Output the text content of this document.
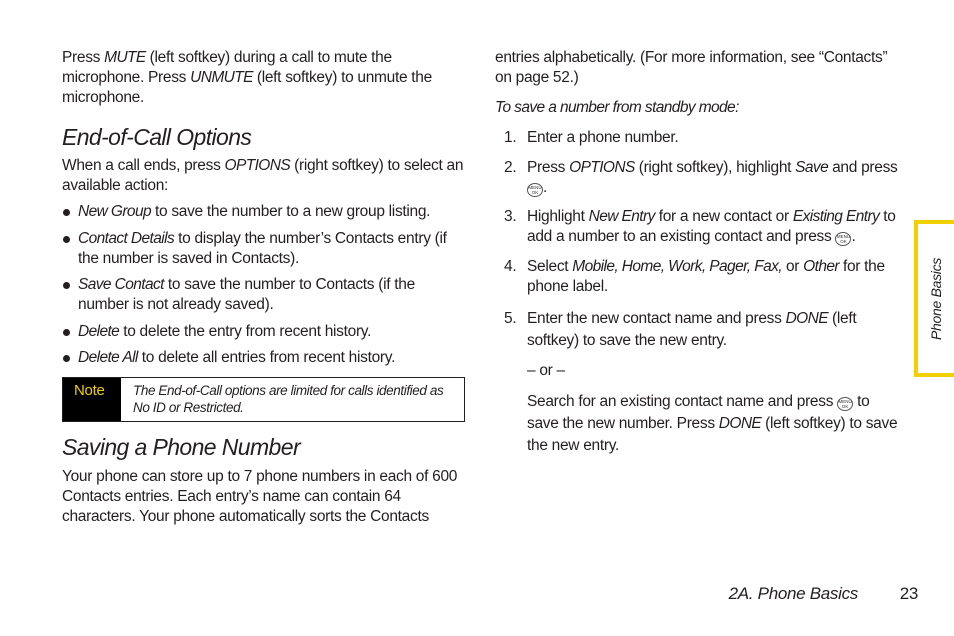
Press MUTE (left softkey) during a call to mute the microphone. Press UNMUTE (left softkey) to unmute the microphone.

End-of-Call Options

When a call ends, press OPTIONS (right softkey) to select an available action:

New Group to save the number to a new group listing.
Contact Details to display the number’s Contacts entry (if the number is saved in Contacts).
Save Contact to save the number to Contacts (if the number is not already saved).
Delete to delete the entry from recent history.
Delete All to delete all entries from recent history.
Note	The End-of-Call options are limited for calls identified as No ID or Restricted.
Saving a Phone Number

Your phone can store up to 7 phone numbers in each of 600 Contacts entries. Each entry’s name can contain 64 characters. Your phone automatically sorts the Contacts

entries alphabetically. (For more information, see “Contacts” on page 52.)

To save a number from standby mode:

1. Enter a phone number.
2. Press OPTIONS (right softkey), highlight Save and press MENU
OK .
3. Highlight New Entry for a new contact or Existing Entry to add a number to an existing contact and press MENU
OK .
4. Select Mobile, Home, Work, Pager, Fax, or Other for the phone label.
5. Enter the new contact name and press DONE (left softkey) to save the new entry.

– or –

Search for an existing contact name and press MENU
OK to save the new number. Press DONE (left softkey) to save the new entry.

Phone Basics
2A. Phone Basics 23
